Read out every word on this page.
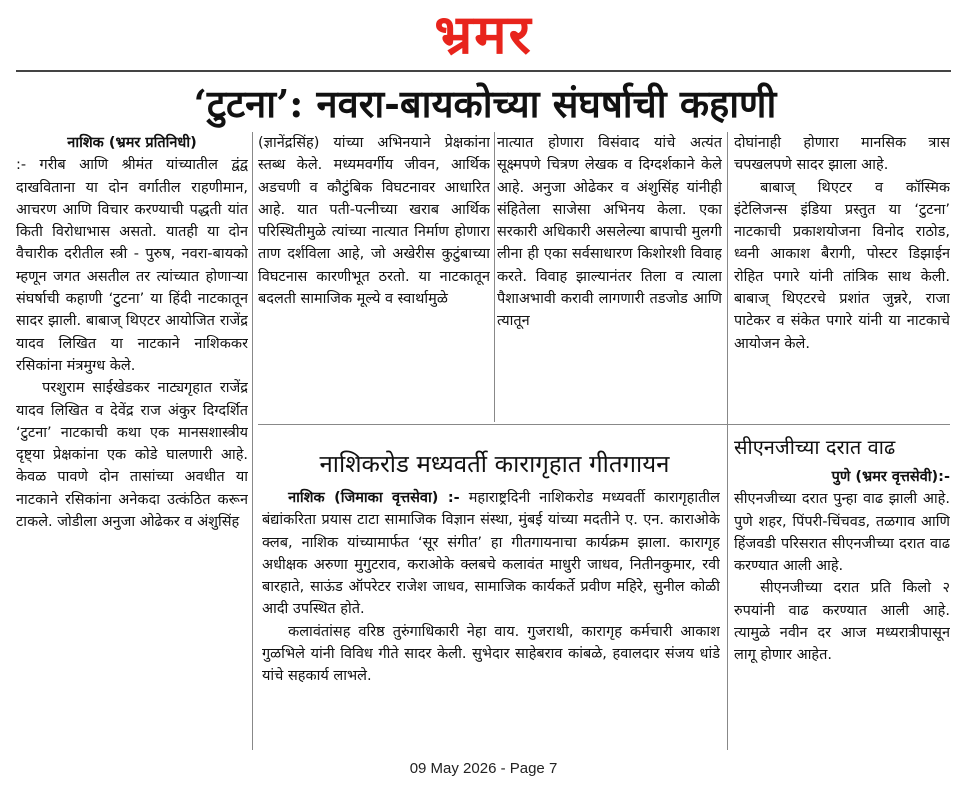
भ्रमर
‘टुटना’: नवरा-बायकोच्या संघर्षाची कहाणी

नाशिक (भ्रमर प्रतिनिधी)

:- गरीब आणि श्रीमंत यांच्यातील द्वंद्व दाखविताना या दोन वर्गातील राहणीमान, आचरण आणि विचार करण्याची पद्धती यांत किती विरोधाभास असतो. यातही या दोन वैचारीक दरीतील स्त्री - पुरुष, नवरा-बायको म्हणून जगत असतील तर त्यांच्यात होणाऱ्या संघर्षाची कहाणी ‘टुटना’ या हिंदी नाटकातून सादर झाली. बाबाज् थिएटर आयोजित राजेंद्र यादव लिखित या नाटकाने नाशिककर रसिकांना मंत्रमुग्ध केले.

परशुराम साईखेडकर नाट्यगृहात राजेंद्र यादव लिखित व देवेंद्र राज अंकुर दिग्दर्शित ‘टुटना’ नाटकाची कथा एक मानसशास्त्रीय दृष्ट्या प्रेक्षकांना एक कोडे घालणारी आहे. केवळ पावणे दोन तासांच्या अवधीत या नाटकाने रसिकांना अनेकदा उत्कंठित करून टाकले. जोडीला अनुजा ओढेकर व अंशुसिंह

(ज्ञानेंद्रसिंह) यांच्या अभिनयाने प्रेक्षकांना स्तब्ध केले. मध्यमवर्गीय जीवन, आर्थिक अडचणी व कौटुंबिक विघटनावर आधारित आहे. यात पती-पत्नीच्या खराब आर्थिक परिस्थितीमुळे त्यांच्या नात्यात निर्माण होणारा ताण दर्शविला आहे, जो अखेरीस कुटुंबाच्या विघटनास कारणीभूत ठरतो. या नाटकातून बदलती सामाजिक मूल्ये व स्वार्थामुळे

नात्यात होणारा विसंवाद यांचे अत्यंत सूक्ष्मपणे चित्रण लेखक व दिग्दर्शकाने केले आहे. अनुजा ओढेकर व अंशुसिंह यांनीही संहितेला साजेसा अभिनय केला. एका सरकारी अधिकारी असलेल्या बापाची मुलगी लीना ही एका सर्वसाधारण किशोरशी विवाह करते. विवाह झाल्यानंतर तिला व त्याला पैशाअभावी करावी लागणारी तडजोड आणि त्यातून

दोघांनाही होणारा मानसिक त्रास चपखलपणे सादर झाला आहे.

बाबाज् थिएटर व कॉस्मिक इंटेलिजन्स इंडिया प्रस्तुत या ‘टुटना’ नाटकाची प्रकाशयोजना विनोद राठोड, ध्वनी आकाश बैरागी, पोस्टर डिझाईन रोहित पगारे यांनी तांत्रिक साथ केली. बाबाज् थिएटरचे प्रशांत जुन्नरे, राजा पाटेकर व संकेत पगारे यांनी या नाटकाचे आयोजन केले.

नाशिकरोड मध्यवर्ती कारागृहात गीतगायन

नाशिक (जिमाका वृत्तसेवा) :- महाराष्ट्रदिनी नाशिकरोड मध्यवर्ती कारागृहातील बंद्यांकरिता प्रयास टाटा सामाजिक विज्ञान संस्था, मुंबई यांच्या मदतीने ए. एन. काराओके क्लब, नाशिक यांच्यामार्फत ‘सूर संगीत’ हा गीतगायनाचा कार्यक्रम झाला. कारागृह अधीक्षक अरुणा मुगुटराव, कराओके क्लबचे कलावंत माधुरी जाधव, नितीनकुमार, रवी बारहाते, साऊंड ऑपरेटर राजेश जाधव, सामाजिक कार्यकर्ते प्रवीण महिरे, सुनील कोळी आदी उपस्थित होते.

कलावंतांसह वरिष्ठ तुरुंगाधिकारी नेहा वाय. गुजराथी, कारागृह कर्मचारी आकाश गुळभिले यांनी विविध गीते सादर केली. सुभेदार साहेबराव कांबळे, हवालदार संजय धांडे यांचे सहकार्य लाभले.

सीएनजीच्या दरात वाढ

पुणे (भ्रमर वृत्तसेवी):-

सीएनजीच्या दरात पुन्हा वाढ झाली आहे. पुणे शहर, पिंपरी-चिंचवड, तळगाव आणि हिंजवडी परिसरात सीएनजीच्या दरात वाढ करण्यात आली आहे.

सीएनजीच्या दरात प्रति किलो २ रुपयांनी वाढ करण्यात आली आहे. त्यामुळे नवीन दर आज मध्यरात्रीपासून लागू होणार आहेत.

09 May 2026 - Page 7
